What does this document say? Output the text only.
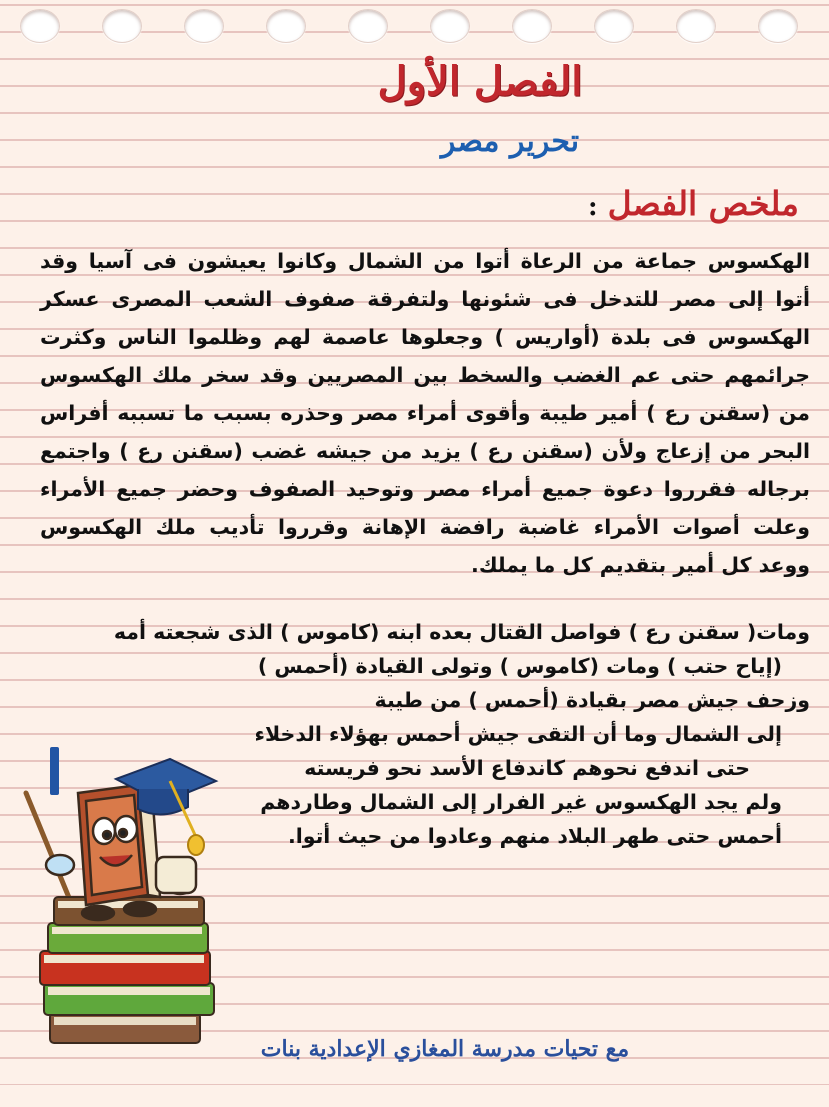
الفصل الأول
تحرير مصر
ملخص الفصل:
الهكسوس جماعة من الرعاة أتوا من الشمال وكانوا يعيشون فى آسيا وقد
أتوا إلى مصر للتدخل فى شئونها ولتفرقة صفوف الشعب المصرى عسكر
الهكسوس فى بلدة (أواريس ) وجعلوها عاصمة لهم وظلموا الناس وكثرت
جرائمهم حتى عم الغضب والسخط بين المصريين وقد سخر ملك الهكسوس
من (سقنن رع ) أمير طيبة وأقوى أمراء مصر وحذره بسبب ما تسببه أفراس
البحر من إزعاج ولأن (سقنن رع ) يزيد من جيشه غضب (سقنن رع ) واجتمع
برجاله فقرروا دعوة جميع أمراء مصر وتوحيد الصفوف وحضر جميع الأمراء
وعلت أصوات الأمراء غاضبة رافضة الإهانة وقرروا تأديب ملك الهكسوس
ووعد كل أمير بتقديم كل ما يملك.
ومات( سقنن رع ) فواصل القتال بعده ابنه (كاموس ) الذى شجعته أمه
(إياح حتب ) ومات (كاموس ) وتولى القيادة (أحمس )
وزحف جيش مصر بقيادة (أحمس ) من طيبة
إلى الشمال وما أن التقى جيش أحمس بهؤلاء الدخلاء
حتى اندفع نحوهم كاندفاع الأسد نحو فريسته
ولم يجد الهكسوس غير الفرار إلى الشمال وطاردهم
أحمس حتى طهر البلاد منهم وعادوا من حيث أتوا.

مع تحيات مدرسة المغازي الإعدادية بنات
